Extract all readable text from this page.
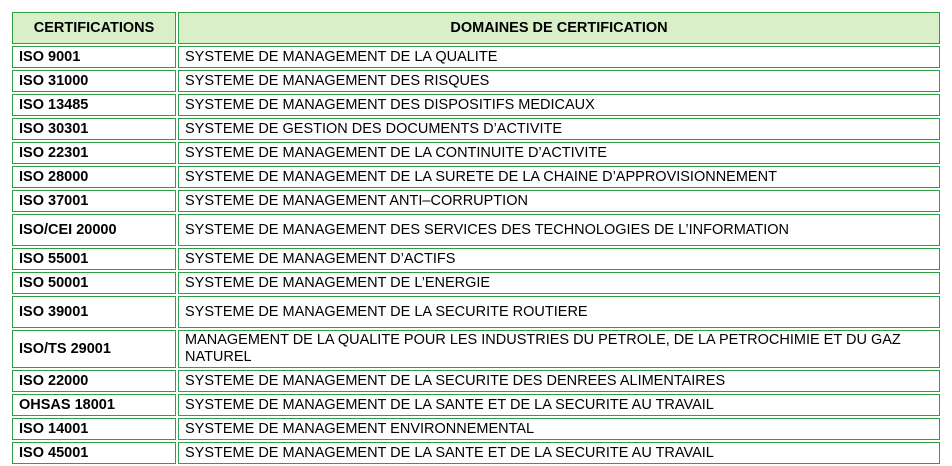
CERTIFICATIONS	DOMAINES DE CERTIFICATION
ISO 9001	SYSTEME DE MANAGEMENT DE LA QUALITE
ISO 31000	SYSTEME DE MANAGEMENT DES RISQUES
ISO 13485	SYSTEME DE MANAGEMENT DES DISPOSITIFS MEDICAUX
ISO 30301	SYSTEME DE GESTION DES DOCUMENTS D’ACTIVITE
ISO 22301	SYSTEME DE MANAGEMENT DE LA CONTINUITE D’ACTIVITE
ISO 28000	SYSTEME DE MANAGEMENT DE LA SURETE DE LA CHAINE D’APPROVISIONNEMENT
ISO 37001	SYSTEME DE MANAGEMENT ANTI–CORRUPTION
ISO/CEI 20000	SYSTEME DE MANAGEMENT DES SERVICES DES TECHNOLOGIES DE L’INFORMATION
ISO 55001	SYSTEME DE MANAGEMENT D’ACTIFS
ISO 50001	SYSTEME DE MANAGEMENT DE L’ENERGIE
ISO 39001	SYSTEME DE MANAGEMENT DE LA SECURITE ROUTIERE
ISO/TS 29001	MANAGEMENT DE LA QUALITE POUR LES INDUSTRIES DU PETROLE, DE LA PETROCHIMIE ET DU GAZ NATUREL
ISO 22000	SYSTEME DE MANAGEMENT DE LA SECURITE DES DENREES ALIMENTAIRES
OHSAS 18001	SYSTEME DE MANAGEMENT DE LA SANTE ET DE LA SECURITE AU TRAVAIL
ISO 14001	SYSTEME DE MANAGEMENT ENVIRONNEMENTAL
ISO 45001	SYSTEME DE MANAGEMENT DE LA SANTE ET DE LA SECURITE AU TRAVAIL
